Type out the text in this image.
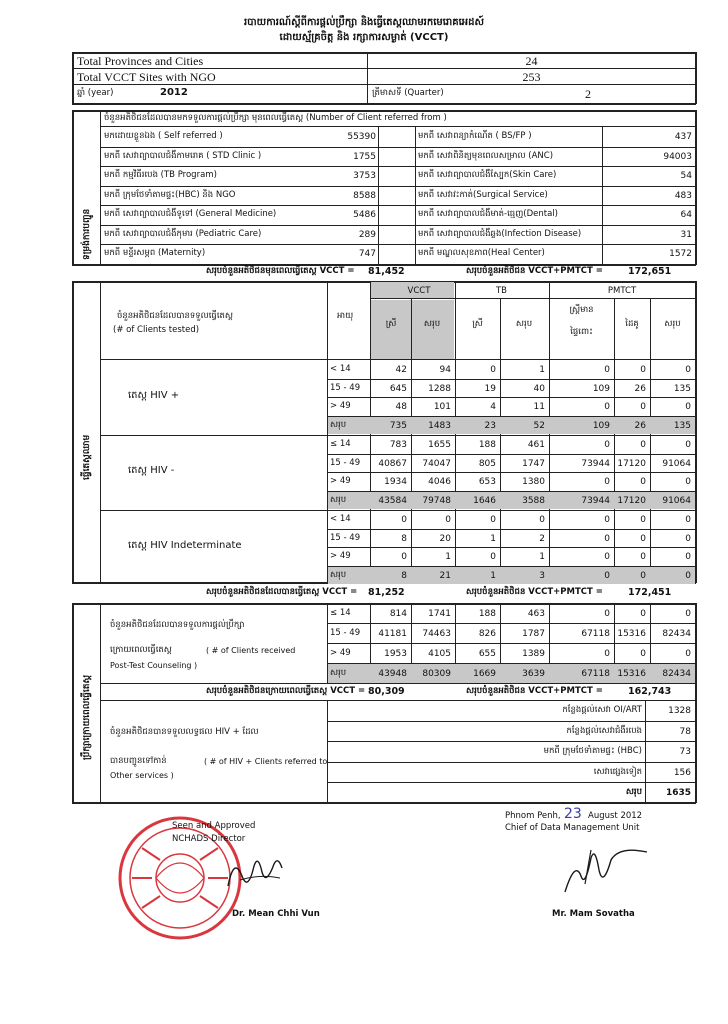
របាយការណ៍ស្តីពីការផ្តល់ប្រឹក្សា និងធ្វើតេស្តឈាមរកមេរោគអេដស៍
ដោយស្ម័គ្រចិត្ត និង រក្សាការសម្ងាត់ (VCCT)
Total Provinces and Cities	24
Total VCCT Sites with NGO	253
ឆ្នាំ (year)	2012	ត្រីមាសទី (Quarter)	2
ទម្រង់ការបញ្ជូន
ចំនួនអតិថិជនដែលបានមកទទួលការផ្តល់ប្រឹក្សា មុនពេលធ្វើតេស្ត (Number of Client referred from )
មកដោយខ្លួនឯង ( Self referred )	55390	មកពី សេវាពន្យាកំណើត ( BS/FP )	437
មកពី សេវាព្យាបាលជំងឺកាមរោគ ( STD Clinic )	1755	មកពី សេវាពិនិត្យមុនពេលសម្រាល (ANC)	94003
មកពី កម្មវិធីរបេង (TB Program)	3753	មកពី សេវាព្យាបាលជំងឺស្បែក(Skin Care)	54
មកពី ក្រុមថែទាំតាមផ្ទះ(HBC) និង NGO	8588	មកពី សេវាវះកាត់(Surgical Service)	483
មកពី សេវាព្យាបាលជំងឺទូទៅ (General Medicine)	5486	មកពី សេវាព្យាបាលជំងឺមាត់-ធ្មេញ(Dental)	64
មកពី សេវាព្យាបាលជំងឺកុមារ (Pediatric Care)	289	មកពី សេវាព្យាបាលជំងឺឆ្លង(Infection Disease)	31
មកពី មន្ទីរសម្ភព (Maternity)	747	មកពី មណ្ឌលសុខភាព(Heal Center)	1572
សរុបចំនួនអតិថិជនមុនពេលធ្វើតេស្ត VCCT = 81,452	សរុបចំនួនអតិថិជន VCCT+PMTCT =	172,651
ធ្វើតេស្តឈាម
ចំនួនអតិថិជនដែលបានទទួលធ្វើតេស្ត
(# of Clients tested)
អាយុ
VCCT	TB	PMTCT
ស្រី	សរុប	ស្រី	សរុប
ស្ត្រីមាន
ផ្ទៃពោះ
ដៃគូ	សរុប
តេស្ត HIV +
តេស្ត HIV -
តេស្ត HIV Indeterminate
< 14	42	94	0	1	0	0	0
15 - 49	645	1288	19	40	109	26	135
> 49	48	101	4	11	0	0	0
សរុប	735	1483	23	52	109	26	135
≤ 14	783	1655	188	461	0	0	0
15 - 49	40867	74047	805	1747	73944 17120	91064
> 49	1934	4046	653	1380	0	0	0
សរុប	43584	79748	1646	3588	73944 17120	91064
< 14	0	0	0	0	0	0	0
15 - 49	8	20	1	2	0	0	0
> 49	0	1	0	1	0	0	0
សរុប	8	21	1	3	0	0	0
≤ 14	814	1741	188	463	0	0	0
15 - 49	41181	74463	826	1787	67118 15316	82434
> 49	1953	4105	655	1389	0	0	0
សរុប	43948	80309	1669	3639	67118 15316	82434
សរុបចំនួនអតិថិជនដែលបានធ្វើតេស្ត VCCT = 81,252	សរុបចំនួនអតិថិជន VCCT+PMTCT =	172,451
ប្រឹក្សាក្រោយពេលធ្វើតេស្ត
ចំនួនអតិថិជនដែលបានទទួលការផ្តល់ប្រឹក្សា
ក្រោយពេលធ្វើតេស្ត	( # of Clients received
Post-Test Counseling )
សរុបចំនួនអតិថិជនក្រោយពេលធ្វើតេស្ត VCCT = 80,309	សរុបចំនួនអតិថិជន VCCT+PMTCT =	162,743
ចំនួនអតិថិជនបានទទួលលទ្ធផល HIV + ដែល
បានបញ្ជូនទៅកាន់	( # of HIV + Clients referred to
Other services )
កន្លែងផ្តល់សេវា OI/ART	1328
កន្លែងផ្តល់សេវាជំងឺរបេង	78
មកពី ក្រុមថែទាំតាមផ្ទះ (HBC)	73
សេវាផ្សេងទៀត	156
សរុប	1635
Seen and Approved
NCHADS Director
Dr. Mean Chhi Vun
Phnom Penh, 23 August 2012
Chief of Data Management Unit
Mr. Mam Sovatha
